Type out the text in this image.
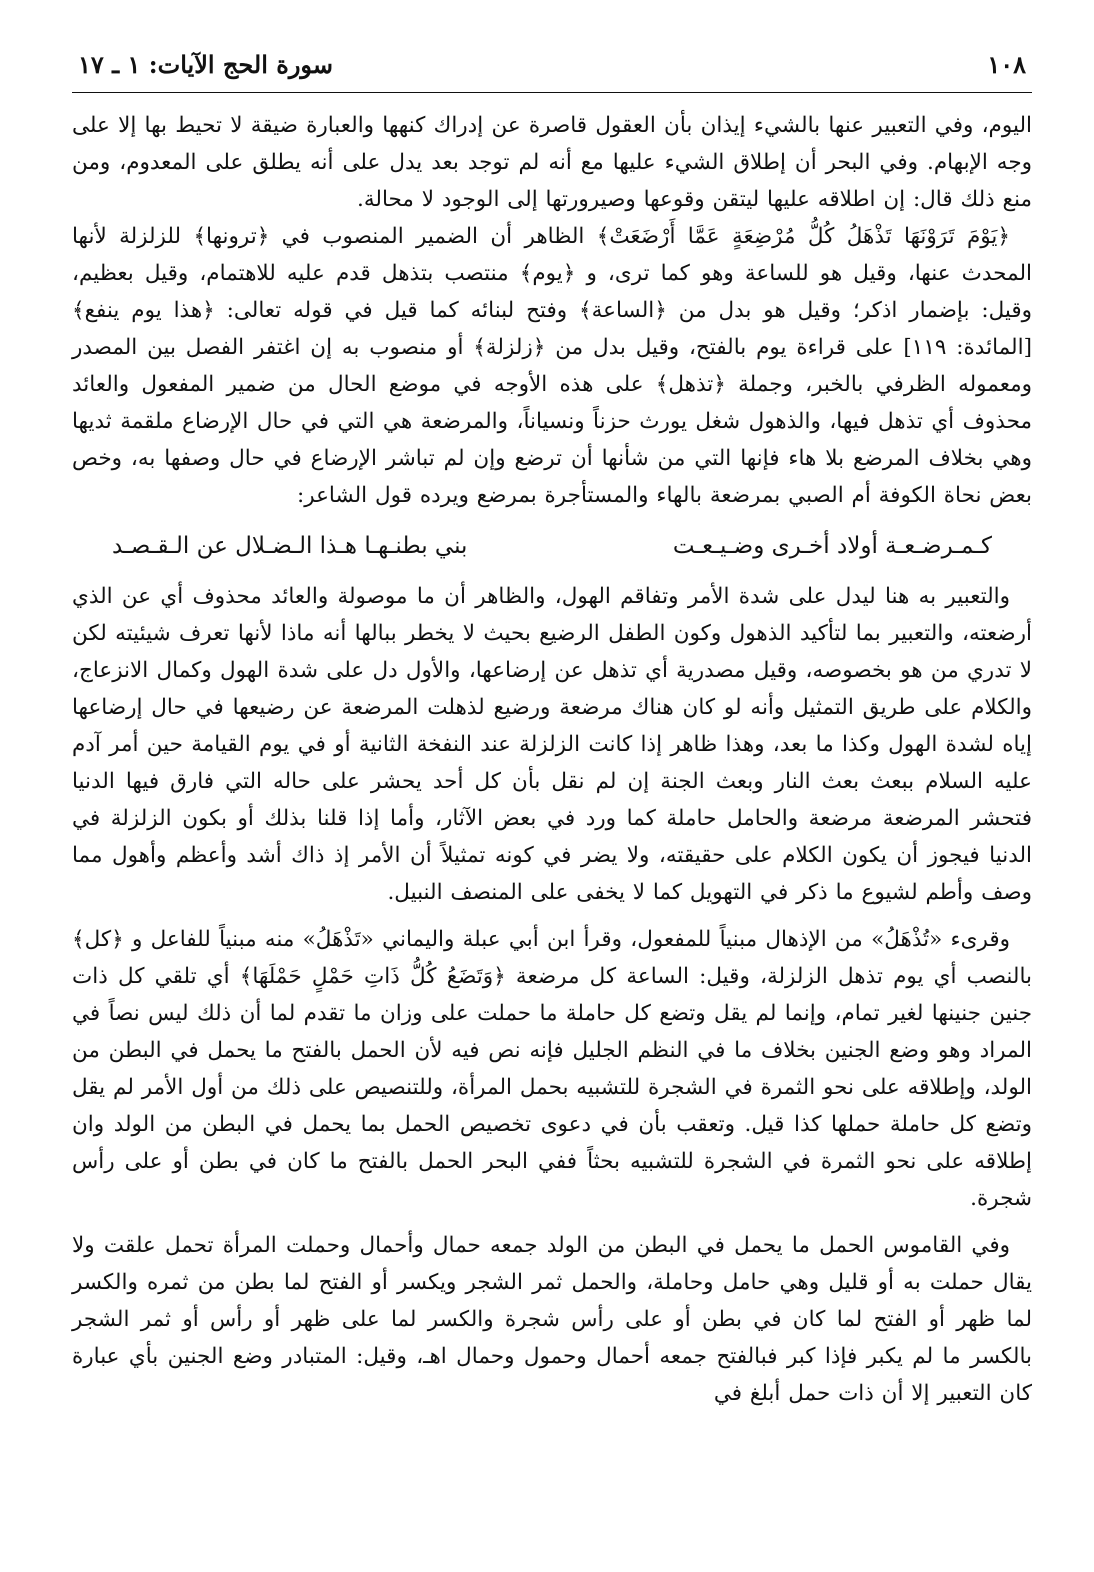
١٠٨
سورة الحج الآيات: ١ ـ ١٧

اليوم، وفي التعبير عنها بالشيء إيذان بأن العقول قاصرة عن إدراك كنهها والعبارة ضيقة لا تحيط بها إلا على وجه الإبهام. وفي البحر أن إطلاق الشيء عليها مع أنه لم توجد بعد يدل على أنه يطلق على المعدوم، ومن منع ذلك قال: إن اطلاقه عليها ليتقن وقوعها وصيرورتها إلى الوجود لا محالة.

﴿يَوْمَ تَرَوْنَهَا تَذْهَلُ كُلُّ مُرْضِعَةٍ عَمَّا أَرْضَعَتْ﴾ الظاهر أن الضمير المنصوب في ﴿ترونها﴾ للزلزلة لأنها المحدث عنها، وقيل هو للساعة وهو كما ترى، و ﴿يوم﴾ منتصب بتذهل قدم عليه للاهتمام، وقيل بعظيم، وقيل: بإضمار اذكر؛ وقيل هو بدل من ﴿الساعة﴾ وفتح لبنائه كما قيل في قوله تعالى: ﴿هذا يوم ينفع﴾ [المائدة: ١١٩] على قراءة يوم بالفتح، وقيل بدل من ﴿زلزلة﴾ أو منصوب به إن اغتفر الفصل بين المصدر ومعموله الظرفي بالخبر، وجملة ﴿تذهل﴾ على هذه الأوجه في موضع الحال من ضمير المفعول والعائد محذوف أي تذهل فيها، والذهول شغل يورث حزناً ونسياناً، والمرضعة هي التي في حال الإرضاع ملقمة ثديها وهي بخلاف المرضع بلا هاء فإنها التي من شأنها أن ترضع وإن لم تباشر الإرضاع في حال وصفها به، وخص بعض نحاة الكوفة أم الصبي بمرضعة بالهاء والمستأجرة بمرضع ويرده قول الشاعر:

كـمـرضـعـة أولاد أخـرى وضـيـعـت
بني بطنـهـا هـذا الـضـلال عن الـقـصـد

والتعبير به هنا ليدل على شدة الأمر وتفاقم الهول، والظاهر أن ما موصولة والعائد محذوف أي عن الذي أرضعته، والتعبير بما لتأكيد الذهول وكون الطفل الرضيع بحيث لا يخطر ببالها أنه ماذا لأنها تعرف شيئيته لكن لا تدري من هو بخصوصه، وقيل مصدرية أي تذهل عن إرضاعها، والأول دل على شدة الهول وكمال الانزعاج، والكلام على طريق التمثيل وأنه لو كان هناك مرضعة ورضيع لذهلت المرضعة عن رضيعها في حال إرضاعها إياه لشدة الهول وكذا ما بعد، وهذا ظاهر إذا كانت الزلزلة عند النفخة الثانية أو في يوم القيامة حين أمر آدم عليه السلام ببعث بعث النار وبعث الجنة إن لم نقل بأن كل أحد يحشر على حاله التي فارق فيها الدنيا فتحشر المرضعة مرضعة والحامل حاملة كما ورد في بعض الآثار، وأما إذا قلنا بذلك أو بكون الزلزلة في الدنيا فيجوز أن يكون الكلام على حقيقته، ولا يضر في كونه تمثيلاً أن الأمر إذ ذاك أشد وأعظم وأهول مما وصف وأطم لشيوع ما ذكر في التهويل كما لا يخفى على المنصف النبيل.

وقرىء «تُذْهَلُ» من الإذهال مبنياً للمفعول، وقرأ ابن أبي عبلة واليماني «تَذْهَلُ» منه مبنياً للفاعل و ﴿كل﴾ بالنصب أي يوم تذهل الزلزلة، وقيل: الساعة كل مرضعة ﴿وَتَضَعُ كُلُّ ذَاتِ حَمْلٍ حَمْلَهَا﴾ أي تلقي كل ذات جنين جنينها لغير تمام، وإنما لم يقل وتضع كل حاملة ما حملت على وزان ما تقدم لما أن ذلك ليس نصاً في المراد وهو وضع الجنين بخلاف ما في النظم الجليل فإنه نص فيه لأن الحمل بالفتح ما يحمل في البطن من الولد، وإطلاقه على نحو الثمرة في الشجرة للتشبيه بحمل المرأة، وللتنصيص على ذلك من أول الأمر لم يقل وتضع كل حاملة حملها كذا قيل. وتعقب بأن في دعوى تخصيص الحمل بما يحمل في البطن من الولد وان إطلاقه على نحو الثمرة في الشجرة للتشبيه بحثاً ففي البحر الحمل بالفتح ما كان في بطن أو على رأس شجرة.

وفي القاموس الحمل ما يحمل في البطن من الولد جمعه حمال وأحمال وحملت المرأة تحمل علقت ولا يقال حملت به أو قليل وهي حامل وحاملة، والحمل ثمر الشجر ويكسر أو الفتح لما بطن من ثمره والكسر لما ظهر أو الفتح لما كان في بطن أو على رأس شجرة والكسر لما على ظهر أو رأس أو ثمر الشجر بالكسر ما لم يكبر فإذا كبر فبالفتح جمعه أحمال وحمول وحمال اهـ، وقيل: المتبادر وضع الجنين بأي عبارة كان التعبير إلا أن ذات حمل أبلغ في
